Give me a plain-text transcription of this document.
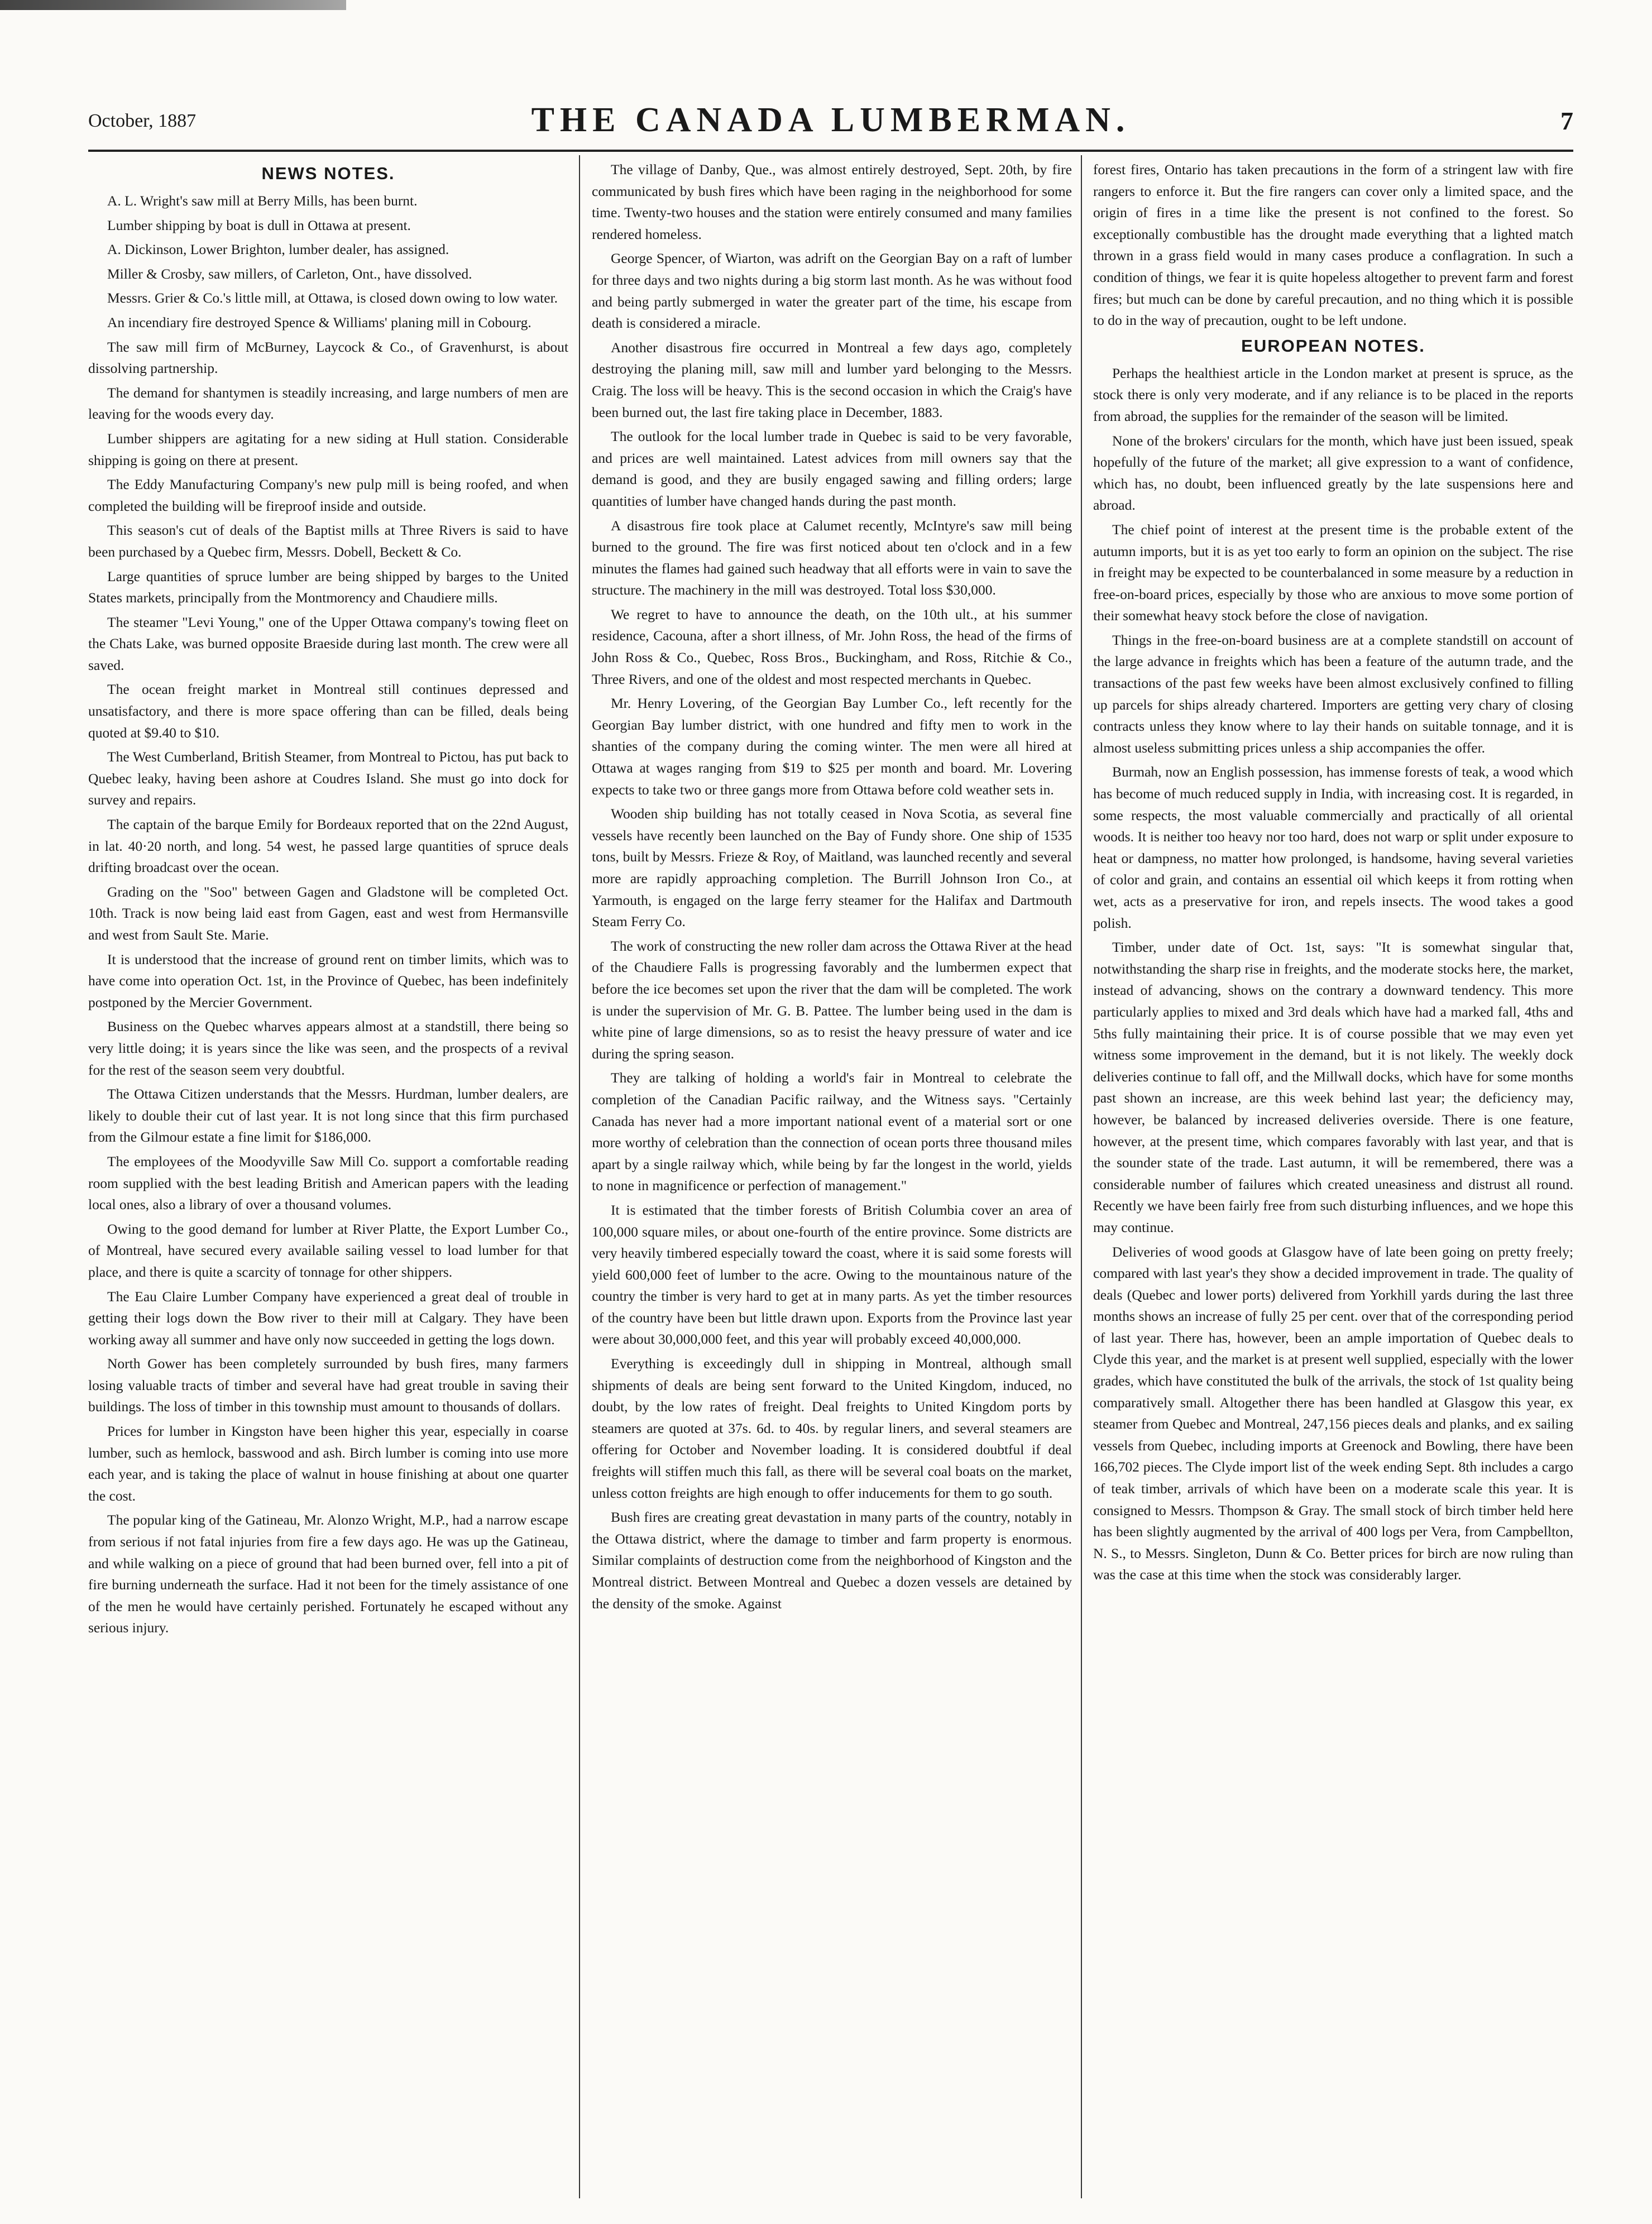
October, 1887	THE CANADA LUMBERMAN.	7
NEWS NOTES.

A. L. Wright's saw mill at Berry Mills, has been burnt.

Lumber shipping by boat is dull in Ottawa at present.

A. Dickinson, Lower Brighton, lumber dealer, has assigned.

Miller & Crosby, saw millers, of Carleton, Ont., have dissolved.

Messrs. Grier & Co.'s little mill, at Ottawa, is closed down owing to low water.

An incendiary fire destroyed Spence & Williams' planing mill in Cobourg.

The saw mill firm of McBurney, Laycock & Co., of Gravenhurst, is about dissolving partnership.

The demand for shantymen is steadily increasing, and large numbers of men are leaving for the woods every day.

Lumber shippers are agitating for a new siding at Hull station. Considerable shipping is going on there at present.

The Eddy Manufacturing Company's new pulp mill is being roofed, and when completed the building will be fireproof inside and outside.

This season's cut of deals of the Baptist mills at Three Rivers is said to have been purchased by a Quebec firm, Messrs. Dobell, Beckett & Co.

Large quantities of spruce lumber are being shipped by barges to the United States markets, principally from the Montmorency and Chaudiere mills.

The steamer "Levi Young," one of the Upper Ottawa company's towing fleet on the Chats Lake, was burned opposite Braeside during last month. The crew were all saved.

The ocean freight market in Montreal still continues depressed and unsatisfactory, and there is more space offering than can be filled, deals being quoted at $9.40 to $10.

The West Cumberland, British Steamer, from Montreal to Pictou, has put back to Quebec leaky, having been ashore at Coudres Island. She must go into dock for survey and repairs.

The captain of the barque Emily for Bordeaux reported that on the 22nd August, in lat. 40·20 north, and long. 54 west, he passed large quantities of spruce deals drifting broadcast over the ocean.

Grading on the "Soo" between Gagen and Gladstone will be completed Oct. 10th. Track is now being laid east from Gagen, east and west from Hermansville and west from Sault Ste. Marie.

It is understood that the increase of ground rent on timber limits, which was to have come into operation Oct. 1st, in the Province of Quebec, has been indefinitely postponed by the Mercier Government.

Business on the Quebec wharves appears almost at a standstill, there being so very little doing; it is years since the like was seen, and the prospects of a revival for the rest of the season seem very doubtful.

The Ottawa Citizen understands that the Messrs. Hurdman, lumber dealers, are likely to double their cut of last year. It is not long since that this firm purchased from the Gilmour estate a fine limit for $186,000.

The employees of the Moodyville Saw Mill Co. support a comfortable reading room supplied with the best leading British and American papers with the leading local ones, also a library of over a thousand volumes.

Owing to the good demand for lumber at River Platte, the Export Lumber Co., of Montreal, have secured every available sailing vessel to load lumber for that place, and there is quite a scarcity of tonnage for other shippers.

The Eau Claire Lumber Company have experienced a great deal of trouble in getting their logs down the Bow river to their mill at Calgary. They have been working away all summer and have only now succeeded in getting the logs down.

North Gower has been completely surrounded by bush fires, many farmers losing valuable tracts of timber and several have had great trouble in saving their buildings. The loss of timber in this township must amount to thousands of dollars.

Prices for lumber in Kingston have been higher this year, especially in coarse lumber, such as hemlock, basswood and ash. Birch lumber is coming into use more each year, and is taking the place of walnut in house finishing at about one quarter the cost.

The popular king of the Gatineau, Mr. Alonzo Wright, M.P., had a narrow escape from serious if not fatal injuries from fire a few days ago. He was up the Gatineau, and while walking on a piece of ground that had been burned over, fell into a pit of fire burning underneath the surface. Had it not been for the timely assistance of one of the men he would have certainly perished. Fortunately he escaped without any serious injury.

The village of Danby, Que., was almost entirely destroyed, Sept. 20th, by fire communicated by bush fires which have been raging in the neighborhood for some time. Twenty-two houses and the station were entirely consumed and many families rendered homeless.

George Spencer, of Wiarton, was adrift on the Georgian Bay on a raft of lumber for three days and two nights during a big storm last month. As he was without food and being partly submerged in water the greater part of the time, his escape from death is considered a miracle.

Another disastrous fire occurred in Montreal a few days ago, completely destroying the planing mill, saw mill and lumber yard belonging to the Messrs. Craig. The loss will be heavy. This is the second occasion in which the Craig's have been burned out, the last fire taking place in December, 1883.

The outlook for the local lumber trade in Quebec is said to be very favorable, and prices are well maintained. Latest advices from mill owners say that the demand is good, and they are busily engaged sawing and filling orders; large quantities of lumber have changed hands during the past month.

A disastrous fire took place at Calumet recently, McIntyre's saw mill being burned to the ground. The fire was first noticed about ten o'clock and in a few minutes the flames had gained such headway that all efforts were in vain to save the structure. The machinery in the mill was destroyed. Total loss $30,000.

We regret to have to announce the death, on the 10th ult., at his summer residence, Cacouna, after a short illness, of Mr. John Ross, the head of the firms of John Ross & Co., Quebec, Ross Bros., Buckingham, and Ross, Ritchie & Co., Three Rivers, and one of the oldest and most respected merchants in Quebec.

Mr. Henry Lovering, of the Georgian Bay Lumber Co., left recently for the Georgian Bay lumber district, with one hundred and fifty men to work in the shanties of the company during the coming winter. The men were all hired at Ottawa at wages ranging from $19 to $25 per month and board. Mr. Lovering expects to take two or three gangs more from Ottawa before cold weather sets in.

Wooden ship building has not totally ceased in Nova Scotia, as several fine vessels have recently been launched on the Bay of Fundy shore. One ship of 1535 tons, built by Messrs. Frieze & Roy, of Maitland, was launched recently and several more are rapidly approaching completion. The Burrill Johnson Iron Co., at Yarmouth, is engaged on the large ferry steamer for the Halifax and Dartmouth Steam Ferry Co.

The work of constructing the new roller dam across the Ottawa River at the head of the Chaudiere Falls is progressing favorably and the lumbermen expect that before the ice becomes set upon the river that the dam will be completed. The work is under the supervision of Mr. G. B. Pattee. The lumber being used in the dam is white pine of large dimensions, so as to resist the heavy pressure of water and ice during the spring season.

They are talking of holding a world's fair in Montreal to celebrate the completion of the Canadian Pacific railway, and the Witness says. "Certainly Canada has never had a more important national event of a material sort or one more worthy of celebration than the connection of ocean ports three thousand miles apart by a single railway which, while being by far the longest in the world, yields to none in magnificence or perfection of management."

It is estimated that the timber forests of British Columbia cover an area of 100,000 square miles, or about one-fourth of the entire province. Some districts are very heavily timbered especially toward the coast, where it is said some forests will yield 600,000 feet of lumber to the acre. Owing to the mountainous nature of the country the timber is very hard to get at in many parts. As yet the timber resources of the country have been but little drawn upon. Exports from the Province last year were about 30,000,000 feet, and this year will probably exceed 40,000,000.

Everything is exceedingly dull in shipping in Montreal, although small shipments of deals are being sent forward to the United Kingdom, induced, no doubt, by the low rates of freight. Deal freights to United Kingdom ports by steamers are quoted at 37s. 6d. to 40s. by regular liners, and several steamers are offering for October and November loading. It is considered doubtful if deal freights will stiffen much this fall, as there will be several coal boats on the market, unless cotton freights are high enough to offer inducements for them to go south.

Bush fires are creating great devastation in many parts of the country, notably in the Ottawa district, where the damage to timber and farm property is enormous. Similar complaints of destruction come from the neighborhood of Kingston and the Montreal district. Between Montreal and Quebec a dozen vessels are detained by the density of the smoke. Against

forest fires, Ontario has taken precautions in the form of a stringent law with fire rangers to enforce it. But the fire rangers can cover only a limited space, and the origin of fires in a time like the present is not confined to the forest. So exceptionally combustible has the drought made everything that a lighted match thrown in a grass field would in many cases produce a conflagration. In such a condition of things, we fear it is quite hopeless altogether to prevent farm and forest fires; but much can be done by careful precaution, and no thing which it is possible to do in the way of precaution, ought to be left undone.

EUROPEAN NOTES.

Perhaps the healthiest article in the London market at present is spruce, as the stock there is only very moderate, and if any reliance is to be placed in the reports from abroad, the supplies for the remainder of the season will be limited.

None of the brokers' circulars for the month, which have just been issued, speak hopefully of the future of the market; all give expression to a want of confidence, which has, no doubt, been influenced greatly by the late suspensions here and abroad.

The chief point of interest at the present time is the probable extent of the autumn imports, but it is as yet too early to form an opinion on the subject. The rise in freight may be expected to be counterbalanced in some measure by a reduction in free-on-board prices, especially by those who are anxious to move some portion of their somewhat heavy stock before the close of navigation.

Things in the free-on-board business are at a complete standstill on account of the large advance in freights which has been a feature of the autumn trade, and the transactions of the past few weeks have been almost exclusively confined to filling up parcels for ships already chartered. Importers are getting very chary of closing contracts unless they know where to lay their hands on suitable tonnage, and it is almost useless submitting prices unless a ship accompanies the offer.

Burmah, now an English possession, has immense forests of teak, a wood which has become of much reduced supply in India, with increasing cost. It is regarded, in some respects, the most valuable commercially and practically of all oriental woods. It is neither too heavy nor too hard, does not warp or split under exposure to heat or dampness, no matter how prolonged, is handsome, having several varieties of color and grain, and contains an essential oil which keeps it from rotting when wet, acts as a preservative for iron, and repels insects. The wood takes a good polish.

Timber, under date of Oct. 1st, says: "It is somewhat singular that, notwithstanding the sharp rise in freights, and the moderate stocks here, the market, instead of advancing, shows on the contrary a downward tendency. This more particularly applies to mixed and 3rd deals which have had a marked fall, 4ths and 5ths fully maintaining their price. It is of course possible that we may even yet witness some improvement in the demand, but it is not likely. The weekly dock deliveries continue to fall off, and the Millwall docks, which have for some months past shown an increase, are this week behind last year; the deficiency may, however, be balanced by increased deliveries overside. There is one feature, however, at the present time, which compares favorably with last year, and that is the sounder state of the trade. Last autumn, it will be remembered, there was a considerable number of failures which created uneasiness and distrust all round. Recently we have been fairly free from such disturbing influences, and we hope this may continue.

Deliveries of wood goods at Glasgow have of late been going on pretty freely; compared with last year's they show a decided improvement in trade. The quality of deals (Quebec and lower ports) delivered from Yorkhill yards during the last three months shows an increase of fully 25 per cent. over that of the corresponding period of last year. There has, however, been an ample importation of Quebec deals to Clyde this year, and the market is at present well supplied, especially with the lower grades, which have constituted the bulk of the arrivals, the stock of 1st quality being comparatively small. Altogether there has been handled at Glasgow this year, ex steamer from Quebec and Montreal, 247,156 pieces deals and planks, and ex sailing vessels from Quebec, including imports at Greenock and Bowling, there have been 166,702 pieces. The Clyde import list of the week ending Sept. 8th includes a cargo of teak timber, arrivals of which have been on a moderate scale this year. It is consigned to Messrs. Thompson & Gray. The small stock of birch timber held here has been slightly augmented by the arrival of 400 logs per Vera, from Campbellton, N. S., to Messrs. Singleton, Dunn & Co. Better prices for birch are now ruling than was the case at this time when the stock was considerably larger.
